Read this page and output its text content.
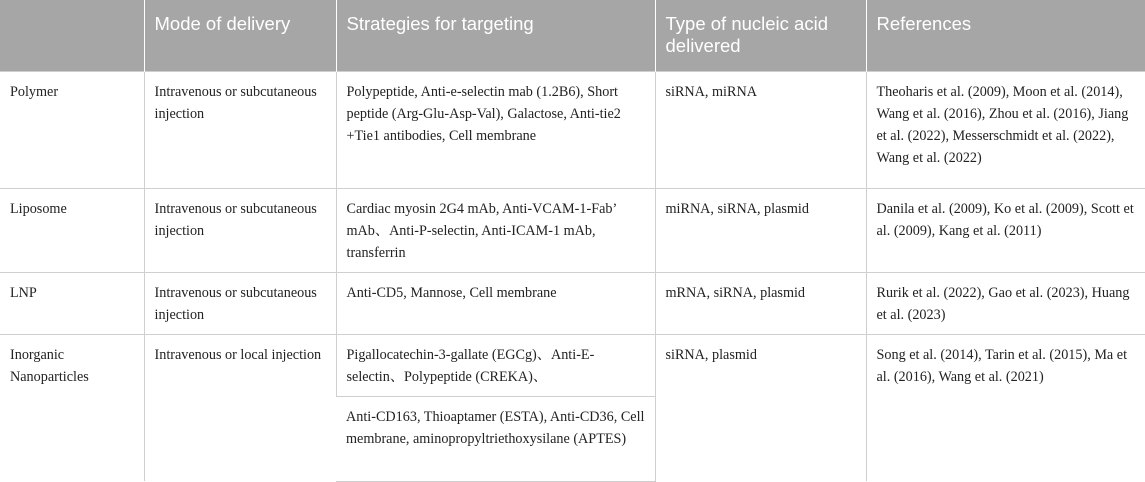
	Mode of delivery	Strategies for targeting	Type of nucleic acid delivered	References
Polymer	Intravenous or subcutaneous injection	Polypeptide, Anti-e-selectin mab (1.2B6), Short peptide (Arg-Glu-Asp-Val), Galactose, Anti-tie2 +Tie1 antibodies, Cell membrane	siRNA, miRNA	Theoharis et al. (2009), Moon et al. (2014), Wang et al. (2016), Zhou et al. (2016), Jiang et al. (2022), Messerschmidt et al. (2022), Wang et al. (2022)
Liposome	Intravenous or subcutaneous injection	Cardiac myosin 2G4 mAb, Anti-VCAM-1-Fab’ mAb、Anti-P-selectin, Anti-ICAM-1 mAb, transferrin	miRNA, siRNA, plasmid	Danila et al. (2009), Ko et al. (2009), Scott et al. (2009), Kang et al. (2011)
LNP	Intravenous or subcutaneous injection	Anti-CD5, Mannose, Cell membrane	mRNA, siRNA, plasmid	Rurik et al. (2022), Gao et al. (2023), Huang et al. (2023)
Inorganic Nanoparticles	Intravenous or local injection	Pigallocatechin-3-gallate (EGCg)、Anti-E-selectin、Polypeptide (CREKA)、	siRNA, plasmid	Song et al. (2014), Tarin et al. (2015), Ma et al. (2016), Wang et al. (2021)
		Anti-CD163, Thioaptamer (ESTA), Anti-CD36, Cell membrane, aminopropyltriethoxysilane (APTES)		
